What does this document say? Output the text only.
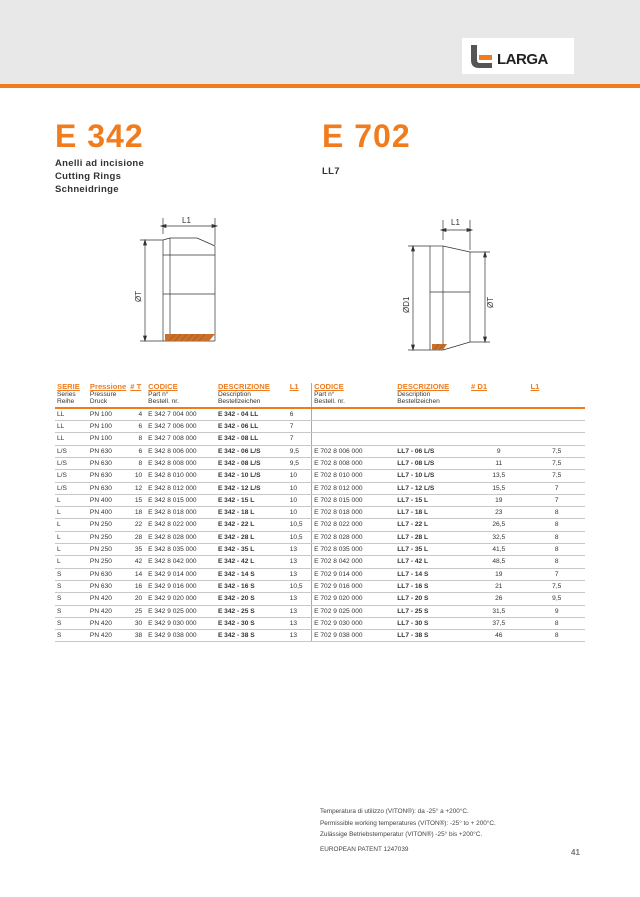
LARGA
E 342
Anelli ad incisione
Cutting Rings
Schneidringe
E 702
LL7
L1
ØT
L1
ØD1	ØT
SERIE
Series
Reihe	Pressione
Pressure
Druck	# T	CODICE
Part n°
Bestell. nr.	DESCRIZIONE
Description
Bestellzeichen	L1	CODICE
Part n°
Bestell. nr.	DESCRIZIONE
Description
Bestellzeichen	# D1	L1

LL	PN 100	4	E 342 7 004 000	E 342 - 04 LL	6				
LL	PN 100	6	E 342 7 006 000	E 342 - 06 LL	7				
LL	PN 100	8	E 342 7 008 000	E 342 - 08 LL	7				
L/S	PN 630	6	E 342 8 006 000	E 342 - 06 L/S	9,5	E 702 8 006 000	LL7 - 06 L/S	9	7,5
L/S	PN 630	8	E 342 8 008 000	E 342 - 08 L/S	9,5	E 702 8 008 000	LL7 - 08 L/S	11	7,5
L/S	PN 630	10	E 342 8 010 000	E 342 - 10 L/S	10	E 702 8 010 000	LL7 - 10 L/S	13,5	7,5
L/S	PN 630	12	E 342 8 012 000	E 342 - 12 L/S	10	E 702 8 012 000	LL7 - 12 L/S	15,5	7
L	PN 400	15	E 342 8 015 000	E 342 - 15 L	10	E 702 8 015 000	LL7 - 15 L	19	7
L	PN 400	18	E 342 8 018 000	E 342 - 18 L	10	E 702 8 018 000	LL7 - 18 L	23	8
L	PN 250	22	E 342 8 022 000	E 342 - 22 L	10,5	E 702 8 022 000	LL7 - 22 L	26,5	8
L	PN 250	28	E 342 8 028 000	E 342 - 28 L	10,5	E 702 8 028 000	LL7 - 28 L	32,5	8
L	PN 250	35	E 342 8 035 000	E 342 - 35 L	13	E 702 8 035 000	LL7 - 35 L	41,5	8
L	PN 250	42	E 342 8 042 000	E 342 - 42 L	13	E 702 8 042 000	LL7 - 42 L	48,5	8
S	PN 630	14	E 342 9 014 000	E 342 - 14 S	13	E 702 9 014 000	LL7 - 14 S	19	7
S	PN 630	16	E 342 9 016 000	E 342 - 16 S	10,5	E 702 9 016 000	LL7 - 16 S	21	7,5
S	PN 420	20	E 342 9 020 000	E 342 - 20 S	13	E 702 9 020 000	LL7 - 20 S	26	9,5
S	PN 420	25	E 342 9 025 000	E 342 - 25 S	13	E 702 9 025 000	LL7 - 25 S	31,5	9
S	PN 420	30	E 342 9 030 000	E 342 - 30 S	13	E 702 9 030 000	LL7 - 30 S	37,5	8
S	PN 420	38	E 342 9 038 000	E 342 - 38 S	13	E 702 9 038 000	LL7 - 38 S	46	8
Temperatura di utilizzo (VITON®): da -25° a +200°C.
Permissible working temperatures (VITON®): -25° to + 200°C.
Zulässige Betriebstemperatur (VITON®) -25° bis +200°C.
EUROPEAN PATENT 1247039	41
